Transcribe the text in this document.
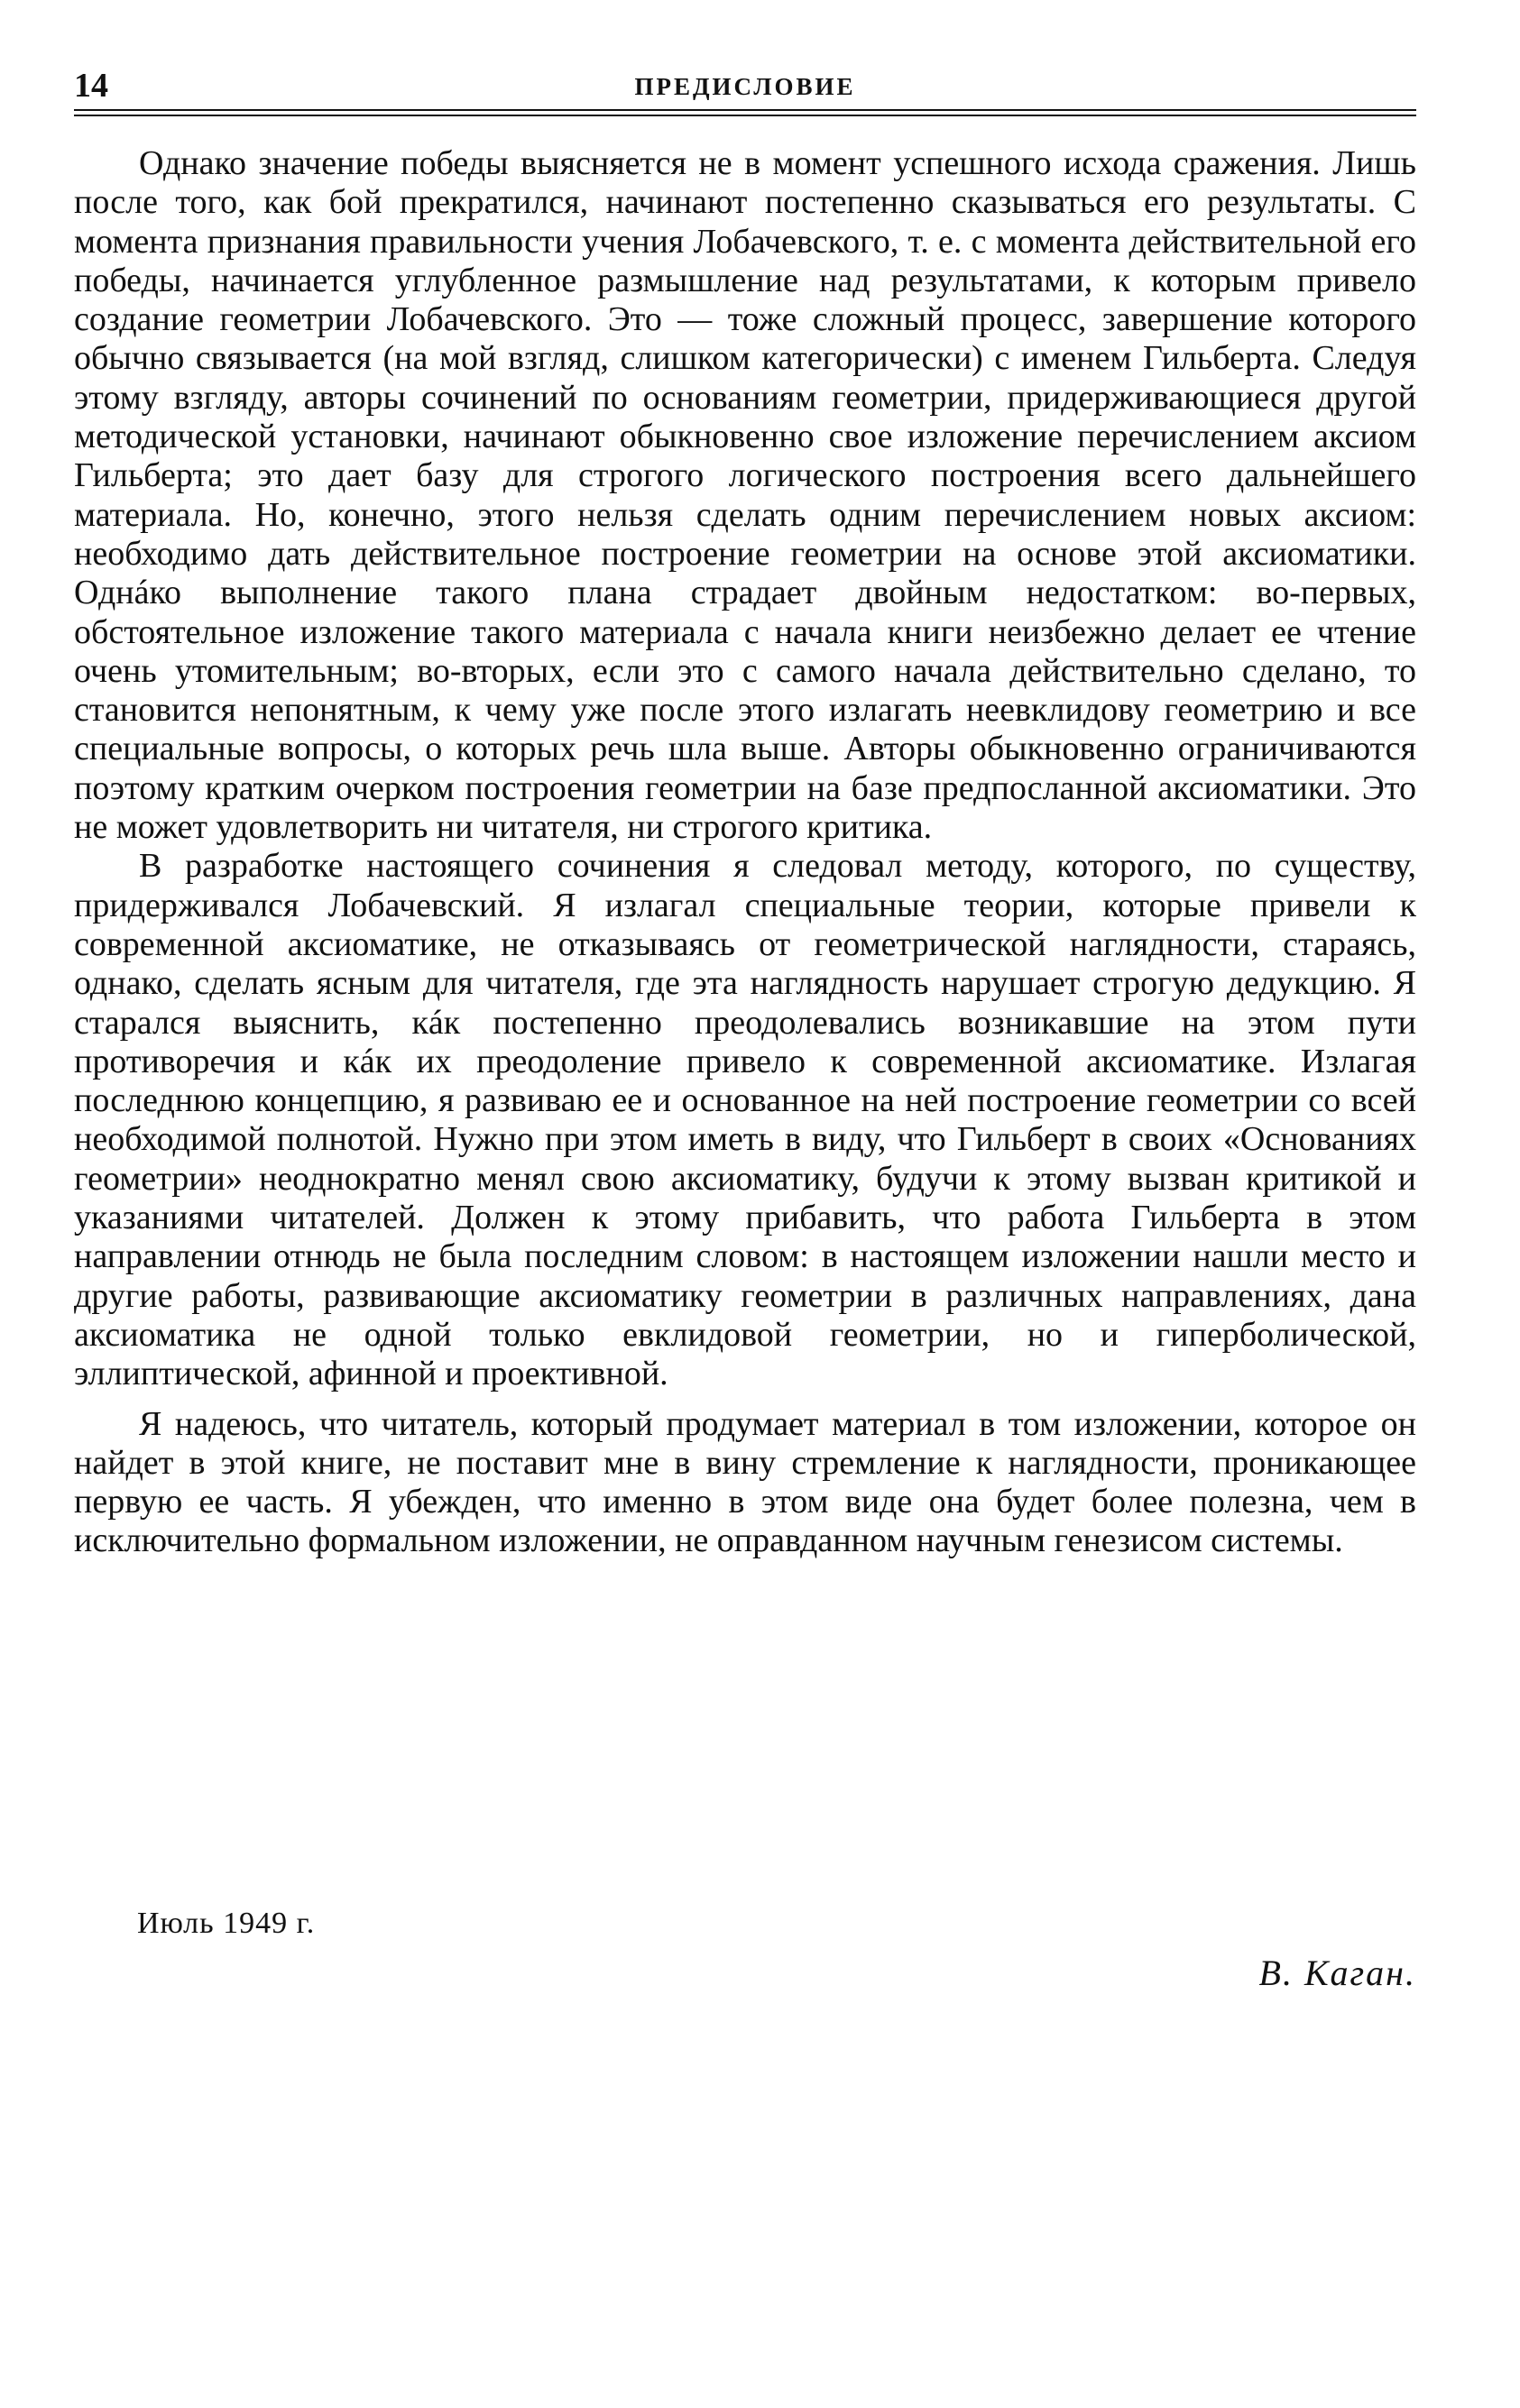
14	ПРЕДИСЛОВИЕ

Однако значение победы выясняется не в момент успешного исхода сражения. Лишь после того, как бой прекратился, начинают постепенно сказываться его результаты. С момента признания правильности учения Лобачевского, т. е. с момента действительной его победы, начинается углубленное размышление над результатами, к которым привело создание геометрии Лобачевского. Это — тоже сложный процесс, завершение которого обычно связывается (на мой взгляд, слишком категорически) с именем Гильберта. Следуя этому взгляду, авторы сочинений по основаниям геометрии, придерживающиеся другой методической установки, начинают обыкновенно свое изложение перечислением аксиом Гильберта; это дает базу для строгого логического построения всего дальнейшего материала. Но, конечно, этого нельзя сделать одним перечислением новых аксиом: необходимо дать действительное построение геометрии на основе этой аксиоматики. Однáко выполнение такого плана страдает двойным недостатком: во-первых, обстоятельное изложение такого материала с начала книги неизбежно делает ее чтение очень утомительным; во-вторых, если это с самого начала действительно сделано, то становится непонятным, к чему уже после этого излагать неевклидову геометрию и все специальные вопросы, о которых речь шла выше. Авторы обыкновенно ограничиваются поэтому кратким очерком построения геометрии на базе предпосланной аксиоматики. Это не может удовлетворить ни читателя, ни строгого критика.

В разработке настоящего сочинения я следовал методу, которого, по существу, придерживался Лобачевский. Я излагал специальные теории, которые привели к современной аксиоматике, не отказываясь от геометрической наглядности, стараясь, однако, сделать ясным для читателя, где эта наглядность нарушает строгую дедукцию. Я старался выяснить, кáк постепенно преодолевались возникавшие на этом пути противоречия и кáк их преодоление привело к современной аксиоматике. Излагая последнюю концепцию, я развиваю ее и основанное на ней построение геометрии со всей необходимой полнотой. Нужно при этом иметь в виду, что Гильберт в своих «Основаниях геометрии» неоднократно менял свою аксиоматику, будучи к этому вызван критикой и указаниями читателей. Должен к этому прибавить, что работа Гильберта в этом направлении отнюдь не была последним словом: в настоящем изложении нашли место и другие работы, развивающие аксиоматику геометрии в различных направлениях, дана аксиоматика не одной только евклидовой геометрии, но и гиперболической, эллиптической, афинной и проективной.

Я надеюсь, что читатель, который продумает материал в том изложении, которое он найдет в этой книге, не поставит мне в вину стремление к наглядности, проникающее первую ее часть. Я убежден, что именно в этом виде она будет более полезна, чем в исключительно формальном изложении, не оправданном научным генезисом системы.

Июль 1949 г.
В. Каган.
